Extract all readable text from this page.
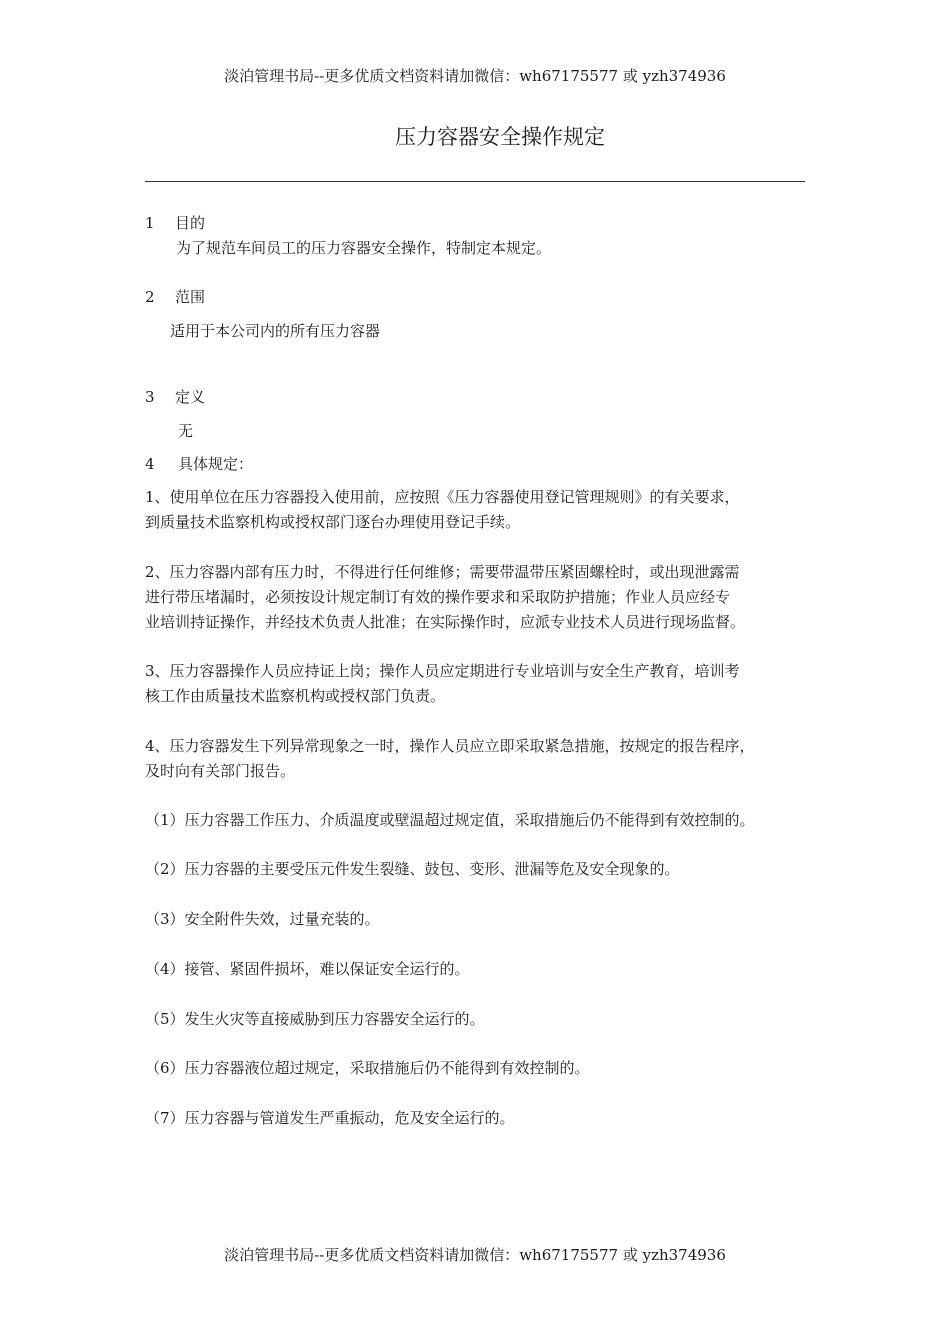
淡泊管理书局--更多优质文档资料请加微信：wh67175577 或 yzh374936
压力容器安全操作规定
1 目的
为了规范车间员工的压力容器安全操作，特制定本规定。
2 范围
适用于本公司内的所有压力容器
3 定义
无
4 具体规定：
1、使用单位在压力容器投入使用前，应按照《压力容器使用登记管理规则》的有关要求，
到质量技术监察机构或授权部门逐台办理使用登记手续。
2、压力容器内部有压力时，不得进行任何维修；需要带温带压紧固螺栓时，或出现泄露需
进行带压堵漏时，必须按设计规定制订有效的操作要求和采取防护措施；作业人员应经专
业培训持证操作，并经技术负责人批准；在实际操作时，应派专业技术人员进行现场监督。
3、压力容器操作人员应持证上岗；操作人员应定期进行专业培训与安全生产教育，培训考
核工作由质量技术监察机构或授权部门负责。
4、压力容器发生下列异常现象之一时，操作人员应立即采取紧急措施，按规定的报告程序，
及时向有关部门报告。
（1）压力容器工作压力、介质温度或壁温超过规定值，采取措施后仍不能得到有效控制的。
（2）压力容器的主要受压元件发生裂缝、鼓包、变形、泄漏等危及安全现象的。
（3）安全附件失效，过量充装的。
（4）接管、紧固件损坏，难以保证安全运行的。
（5）发生火灾等直接威胁到压力容器安全运行的。
（6）压力容器液位超过规定，采取措施后仍不能得到有效控制的。
（7）压力容器与管道发生严重振动，危及安全运行的。
淡泊管理书局--更多优质文档资料请加微信：wh67175577 或 yzh374936
